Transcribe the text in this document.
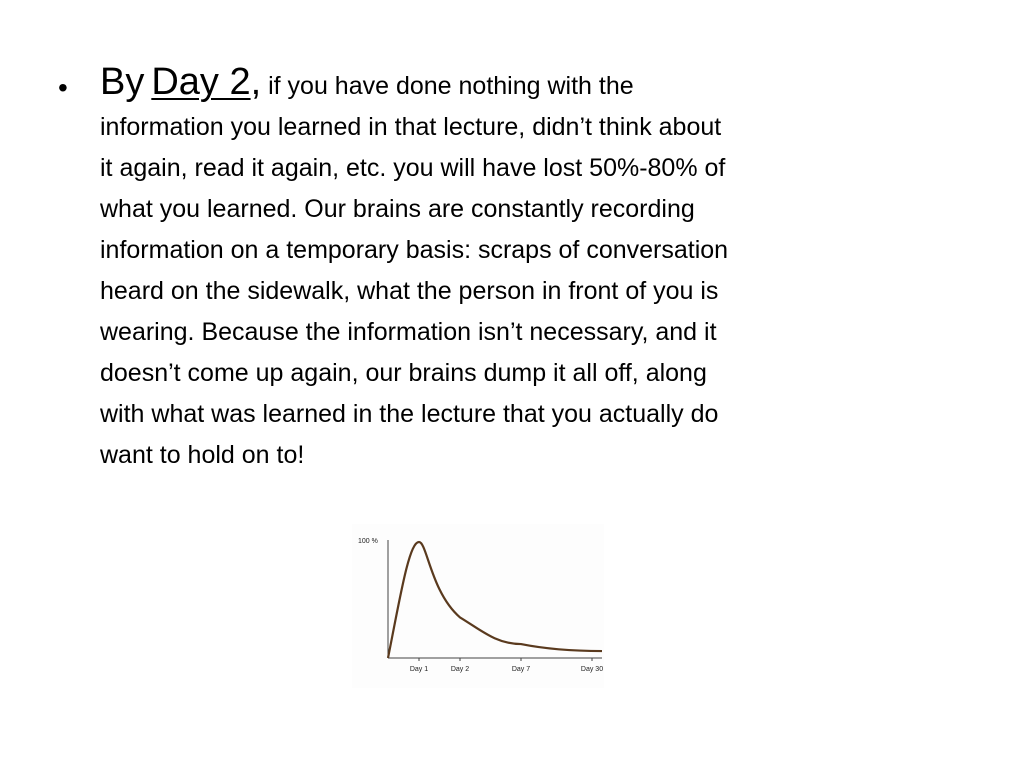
• By Day 2, if you have done nothing with the
information you learned in that lecture, didn’t think about
it again, read it again, etc. you will have lost 50%-80% of
what you learned. Our brains are constantly recording
information on a temporary basis: scraps of conversation
heard on the sidewalk, what the person in front of you is
wearing. Because the information isn’t necessary, and it
doesn’t come up again, our brains dump it all off, along
with what was learned in the lecture that you actually do
want to hold on to!
100 %
Day 1	Day 2	Day 7	Day 30
